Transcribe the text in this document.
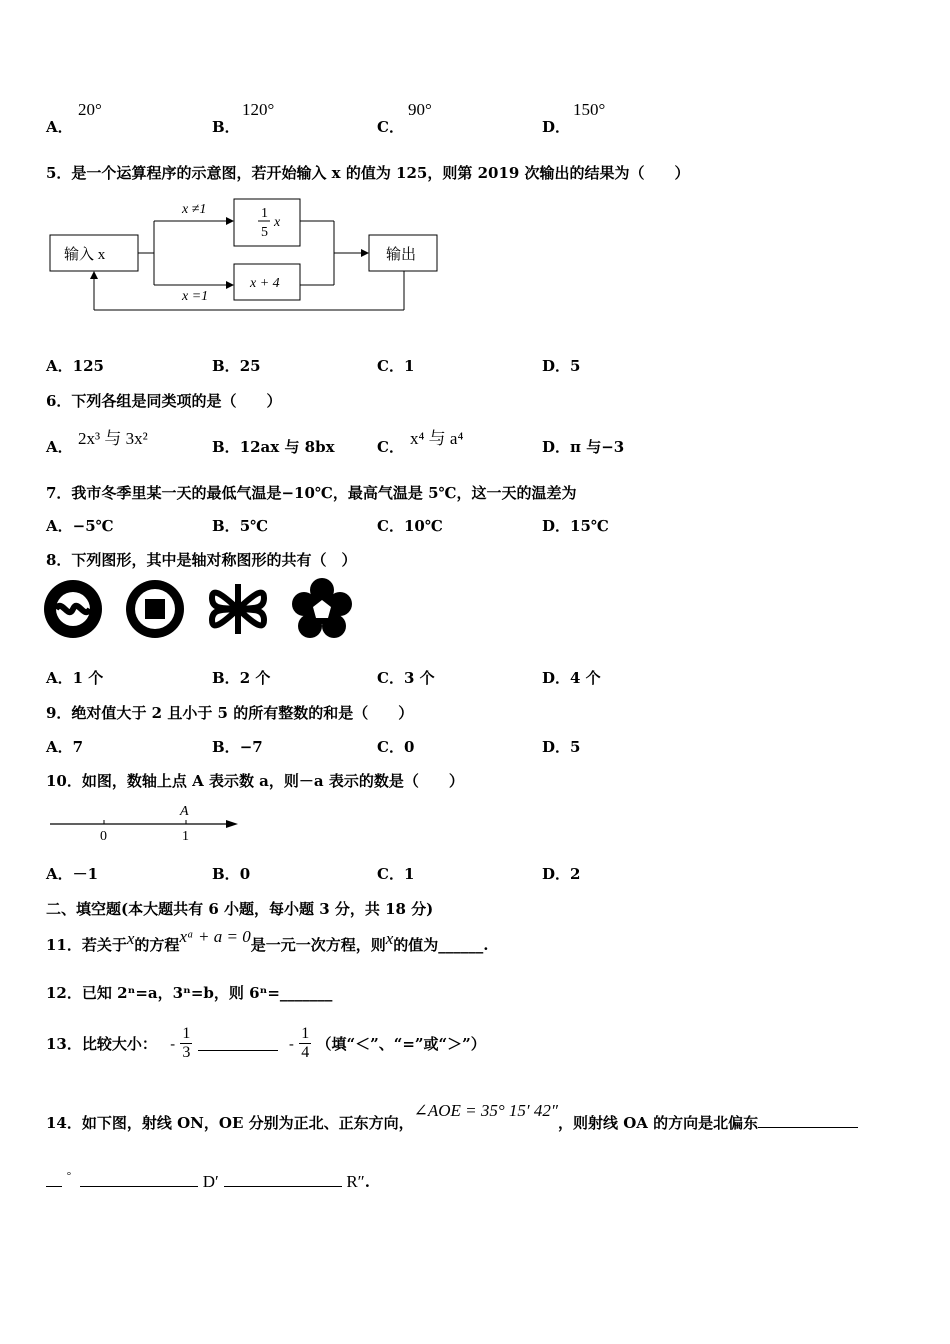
A．
20°
B．
120°
C．
90°
D．
150°
5．是一个运算程序的示意图，若开始输入 x 的值为 125，则第 2019 次输出的结果为（　　）
输入 x
x ≠1
x =1
1
5
x
x + 4
输出
A．125	B．25	C．1	D．5
6．下列各组是同类项的是（　　）
A． 2x³ 与 3x²	B．12ax 与 8bx	C． x⁴ 与 a⁴	D．π 与−3
7．我市冬季里某一天的最低气温是−10℃，最高气温是 5℃，这一天的温差为
A．−5℃	B．5℃	C．10℃	D．15℃
8．下列图形，其中是轴对称图形的共有（　）
A．1 个	B．2 个	C．3 个	D．4 个
9．绝对值大于 2 且小于 5 的所有整数的和是（　　）
A．7	B．−7	C．0	D．5
10．如图，数轴上点 A 表示数 a，则－a 表示的数是（　　）
A
0	1
A．－1	B．0	C．1	D．2
二、填空题(本大题共有 6 小题，每小题 3 分，共 18 分)
11．若关于x的方程xᵃ + a = 0是一元一次方程，则x的值为______.
12．已知 2ⁿ=a，3ⁿ=b，则 6ⁿ=_______
13．比较大小： - $\frac{1}{3}$	- $\frac{1}{4}$ （填“＜”、“=”或“＞”）
14．如下图，射线 ON，OE 分别为正北、正东方向，∠AOE = 35° 15′ 42″，则射线 OA 的方向是北偏东
°	D′	R″.
